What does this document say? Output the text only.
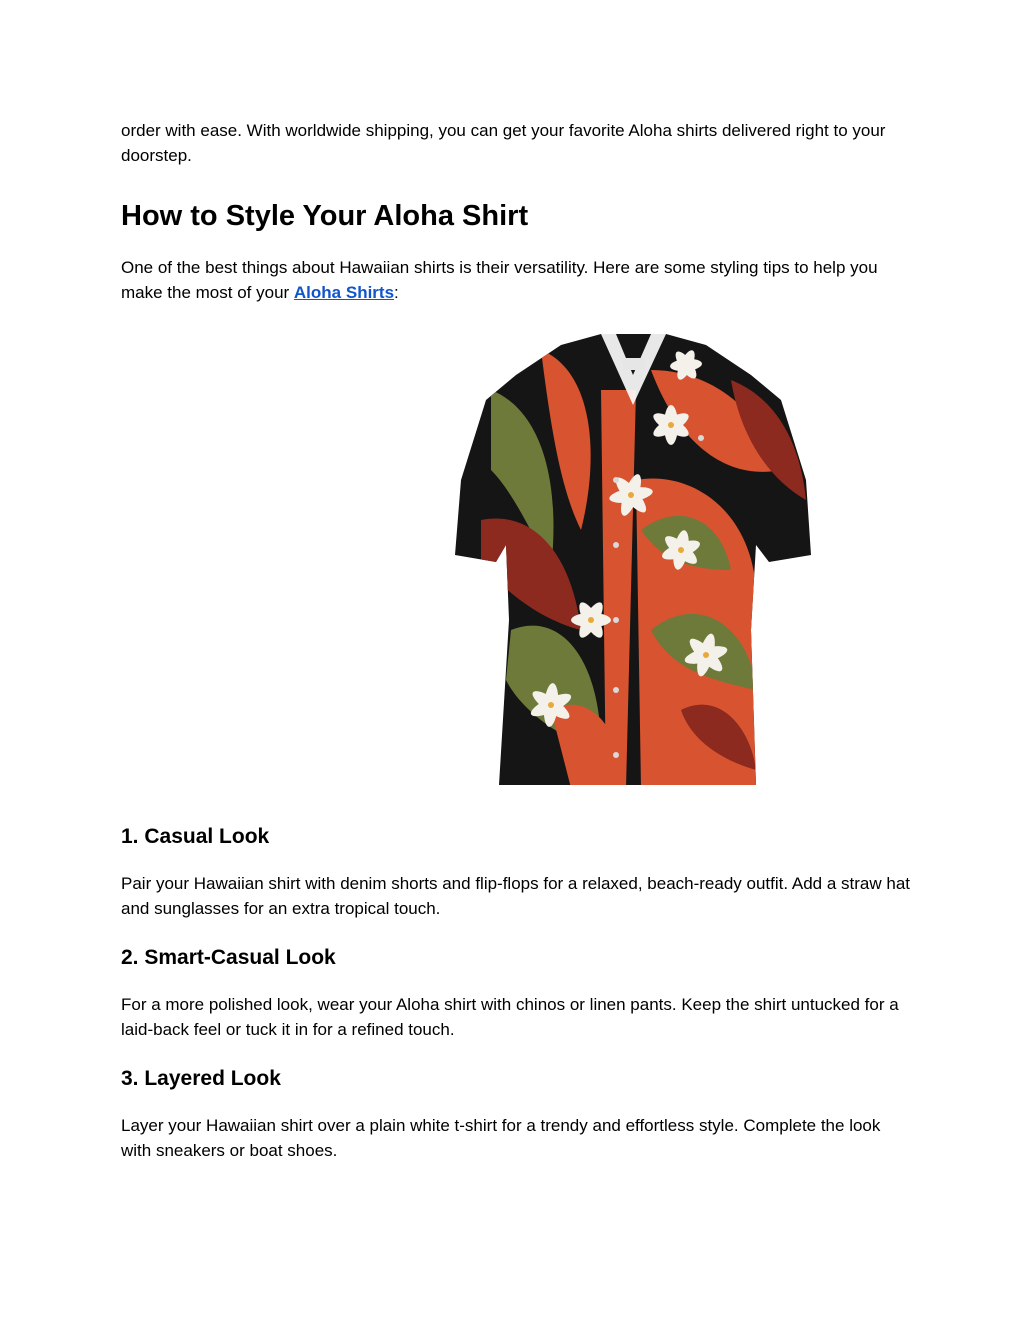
order with ease. With worldwide shipping, you can get your favorite Aloha shirts delivered right to your doorstep.

How to Style Your Aloha Shirt

One of the best things about Hawaiian shirts is their versatility. Here are some styling tips to help you make the most of your Aloha Shirts:

1. Casual Look

Pair your Hawaiian shirt with denim shorts and flip-flops for a relaxed, beach-ready outfit. Add a straw hat and sunglasses for an extra tropical touch.

2. Smart-Casual Look

For a more polished look, wear your Aloha shirt with chinos or linen pants. Keep the shirt untucked for a laid-back feel or tuck it in for a refined touch.

3. Layered Look

Layer your Hawaiian shirt over a plain white t-shirt for a trendy and effortless style. Complete the look with sneakers or boat shoes.
